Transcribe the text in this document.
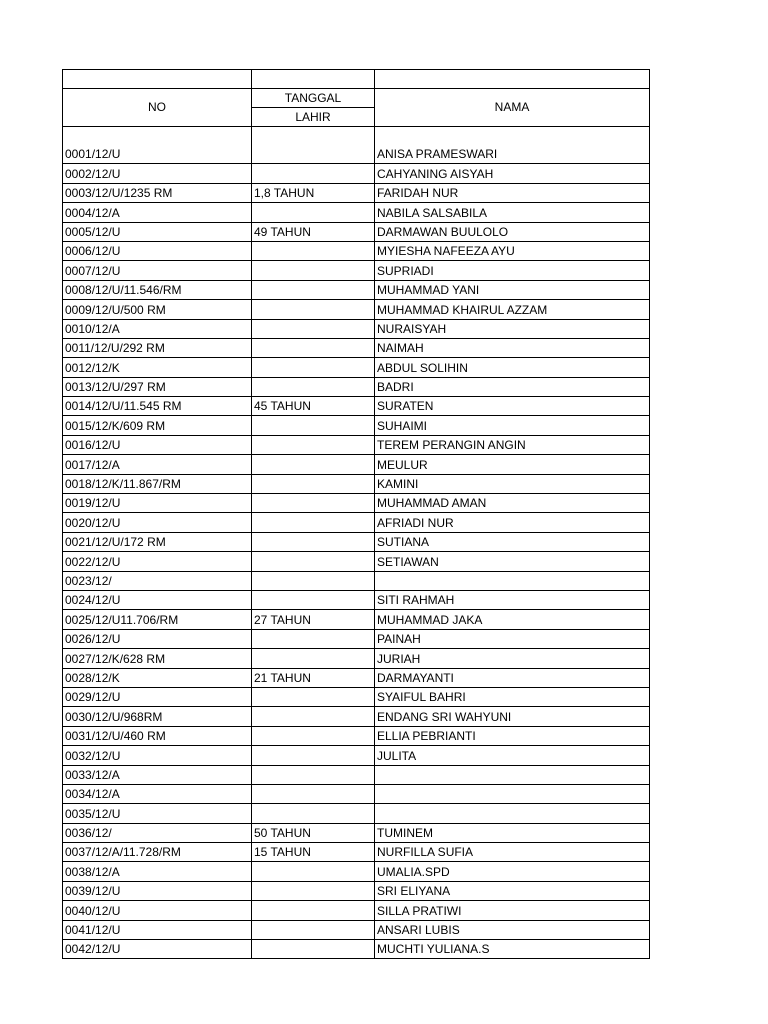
NO	TANGGAL	NAMA
	LAHIR	

0001/12/U		ANISA PRAMESWARI
0002/12/U		CAHYANING AISYAH
0003/12/U/1235 RM	1,8 TAHUN	FARIDAH NUR
0004/12/A		NABILA SALSABILA
0005/12/U	49 TAHUN	DARMAWAN BUULOLO
0006/12/U		MYIESHA NAFEEZA AYU
0007/12/U		SUPRIADI
0008/12/U/11.546/RM		MUHAMMAD YANI
0009/12/U/500 RM		MUHAMMAD KHAIRUL AZZAM
0010/12/A		NURAISYAH
0011/12/U/292 RM		NAIMAH
0012/12/K		ABDUL SOLIHIN
0013/12/U/297 RM		BADRI
0014/12/U/11.545 RM	45 TAHUN	SURATEN
0015/12/K/609 RM		SUHAIMI
0016/12/U		TEREM PERANGIN ANGIN
0017/12/A		MEULUR
0018/12/K/11.867/RM		KAMINI
0019/12/U		MUHAMMAD AMAN
0020/12/U		AFRIADI NUR
0021/12/U/172 RM		SUTIANA
0022/12/U		SETIAWAN
0023/12/		
0024/12/U		SITI RAHMAH
0025/12/U11.706/RM	27 TAHUN	MUHAMMAD JAKA
0026/12/U		PAINAH
0027/12/K/628 RM		JURIAH
0028/12/K	21 TAHUN	DARMAYANTI
0029/12/U		SYAIFUL BAHRI
0030/12/U/968RM		ENDANG SRI WAHYUNI
0031/12/U/460 RM		ELLIA PEBRIANTI
0032/12/U		JULITA
0033/12/A		
0034/12/A		
0035/12/U		
0036/12/	50 TAHUN	TUMINEM
0037/12/A/11.728/RM	15 TAHUN	NURFILLA SUFIA
0038/12/A		UMALIA.SPD
0039/12/U		SRI ELIYANA
0040/12/U		SILLA PRATIWI
0041/12/U		ANSARI LUBIS
0042/12/U		MUCHTI YULIANA.S
